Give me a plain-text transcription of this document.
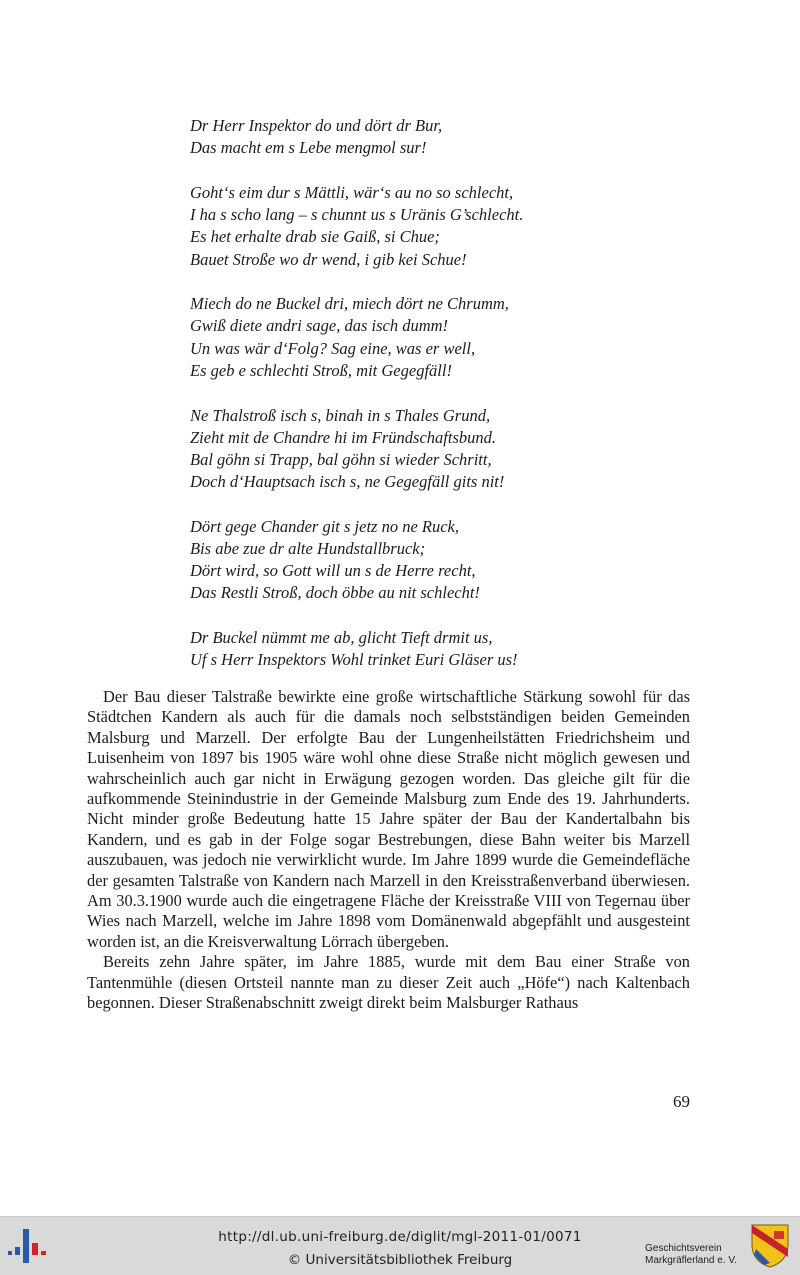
Dr Herr Inspektor do und dört dr Bur,
Das macht em s Lebe mengmol sur!
Goht‘s eim dur s Mättli, wär‘s au no so schlecht,
I ha s scho lang – s chunnt us s Uränis G’schlecht.
Es het erhalte drab sie Gaiß, si Chue;
Bauet Stroße wo dr wend, i gib kei Schue!
Miech do ne Buckel dri, miech dört ne Chrumm,
Gwiß diete andri sage, das isch dumm!
Un was wär d‘Folg? Sag eine, was er well,
Es geb e schlechti Stroß, mit Gegegfäll!
Ne Thalstroß isch s, binah in s Thales Grund,
Zieht mit de Chandre hi im Fründschaftsbund.
Bal göhn si Trapp, bal göhn si wieder Schritt,
Doch d‘Hauptsach isch s, ne Gegegfäll gits nit!
Dört gege Chander git s jetz no ne Ruck,
Bis abe zue dr alte Hundstallbruck;
Dört wird, so Gott will un s de Herre recht,
Das Restli Stroß, doch öbbe au nit schlecht!
Dr Buckel nümmt me ab, glicht Tieft drmit us,
Uf s Herr Inspektors Wohl trinket Euri Gläser us!

Der Bau dieser Talstraße bewirkte eine große wirtschaftliche Stärkung sowohl für das Städtchen Kandern als auch für die damals noch selbstständigen beiden Gemeinden Malsburg und Marzell. Der erfolgte Bau der Lungenheilstätten Friedrichsheim und Luisenheim von 1897 bis 1905 wäre wohl ohne diese Straße nicht möglich gewesen und wahrscheinlich auch gar nicht in Erwägung gezogen worden. Das gleiche gilt für die aufkommende Steinindustrie in der Gemeinde Malsburg zum Ende des 19. Jahrhunderts. Nicht minder große Bedeutung hatte 15 Jahre später der Bau der Kandertalbahn bis Kandern, und es gab in der Folge sogar Bestrebungen, diese Bahn weiter bis Marzell auszubauen, was jedoch nie verwirklicht wurde. Im Jahre 1899 wurde die Gemeindefläche der gesamten Talstraße von Kandern nach Marzell in den Kreisstraßenverband überwiesen. Am 30.3.1900 wurde auch die eingetragene Fläche der Kreisstraße VIII von Tegernau über Wies nach Marzell, welche im Jahre 1898 vom Domänenwald abgepfählt und ausgesteint worden ist, an die Kreisverwaltung Lörrach übergeben.

Bereits zehn Jahre später, im Jahre 1885, wurde mit dem Bau einer Straße von Tantenmühle (diesen Ortsteil nannte man zu dieser Zeit auch „Höfe“) nach Kaltenbach begonnen. Dieser Straßenabschnitt zweigt direkt beim Malsburger Rathaus

69
http://dl.ub.uni-freiburg.de/diglit/mgl-2011-01/0071
© Universitätsbibliothek Freiburg
Geschichtsverein
Markgräflerland e. V.
